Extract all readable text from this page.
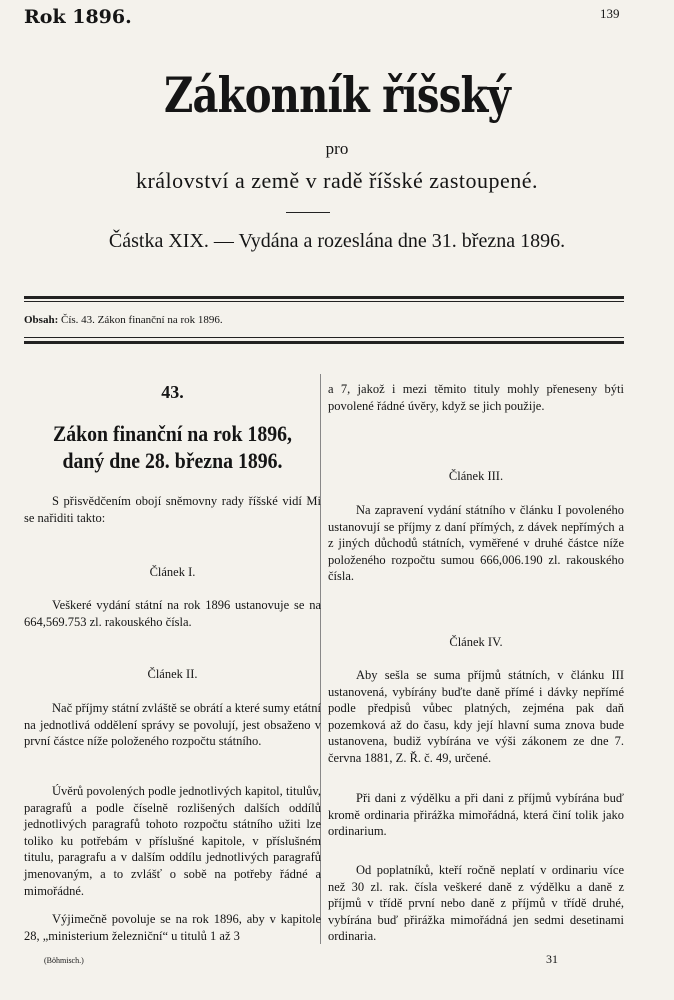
Rok 1896.	139
Zákonník říšský
pro
království a země v radě říšské zastoupené.
Částka XIX. — Vydána a rozeslána dne 31. března 1896.
Obsah: Čís. 43. Zákon finanční na rok 1896.
43.
Zákon finanční na rok 1896,
daný dne 28. března 1896.

S přisvědčením obojí sněmovny rady říšské vidí Mi se nařiditi takto:

Článek I.

Veškeré vydání státní na rok 1896 ustanovuje se na 664,569.753 zl. rakouského čísla.

Článek II.

Nač příjmy státní zvláště se obrátí a které sumy etátní na jednotlivá oddělení správy se povolují, jest obsaženo v první částce níže položeného rozpočtu státního.

Úvěrů povolených podle jednotlivých kapitol, titulův, paragrafů a podle číselně rozlišených dalších oddílů jednotlivých paragrafů tohoto rozpočtu státního užiti lze toliko ku potřebám v příslušné kapitole, v příslušném titulu, paragrafu a v dalším oddílu jednotlivých paragrafů jmenovaným, a to zvlášť o sobě na potřeby řádné a mimořádné.

Výjimečně povoluje se na rok 1896, aby v kapitole 28, „ministerium železniční“ u titulů 1 až 3

a 7, jakož i mezi těmito tituly mohly přeneseny býti povolené řádné úvěry, když se jich použije.

Článek III.

Na zapravení vydání státního v článku I povoleného ustanovují se příjmy z daní přímých, z dávek nepřímých a z jiných důchodů státních, vyměřené v druhé částce níže položeného rozpočtu sumou 666,006.190 zl. rakouského čísla.

Článek IV.

Aby sešla se suma příjmů státních, v článku III ustanovená, vybírány buďte daně přímé i dávky nepřímé podle předpisů vůbec platných, zejména pak daň pozemková až do času, kdy její hlavní suma znova bude ustanovena, budiž vybírána ve výši zákonem ze dne 7. června 1881, Z. Ř. č. 49, určené.

Při dani z výdělku a při dani z příjmů vybírána buď kromě ordinaria přirážka mimořádná, která činí tolik jako ordinarium.

Od poplatníků, kteří ročně neplatí v ordinariu více než 30 zl. rak. čísla veškeré daně z výdělku a daně z příjmů v třídě první nebo daně z příjmů v třídě druhé, vybírána buď přirážka mimořádná jen sedmi desetinami ordinaria.

(Böhmisch.)	31
